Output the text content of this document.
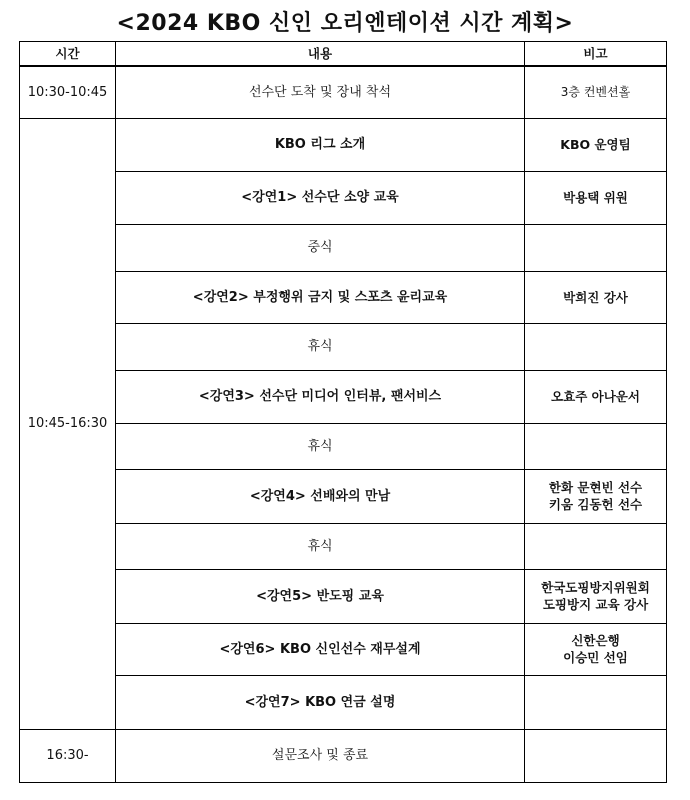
<2024 KBO 신인 오리엔테이션 시간 계획>
시간	내용	비고
10:30-10:45	선수단 도착 및 장내 착석	3층 컨벤션홀
10:45-16:30	KBO 리그 소개	KBO 운영팀
	<강연1> 선수단 소양 교육	박용택 위원
	중식	
	<강연2> 부정행위 금지 및 스포츠 윤리교육	박희진 강사
	휴식	
	<강연3> 선수단 미디어 인터뷰, 팬서비스	오효주 아나운서
	휴식	
	<강연4> 선배와의 만남	한화 문현빈 선수
키움 김동헌 선수

	휴식	
	<강연5> 반도핑 교육	한국도핑방지위원회
도핑방지 교육 강사

	<강연6> KBO 신인선수 재무설계	신한은행
이승민 선임

	<강연7> KBO 연금 설명	
16:30-	설문조사 및 종료	
